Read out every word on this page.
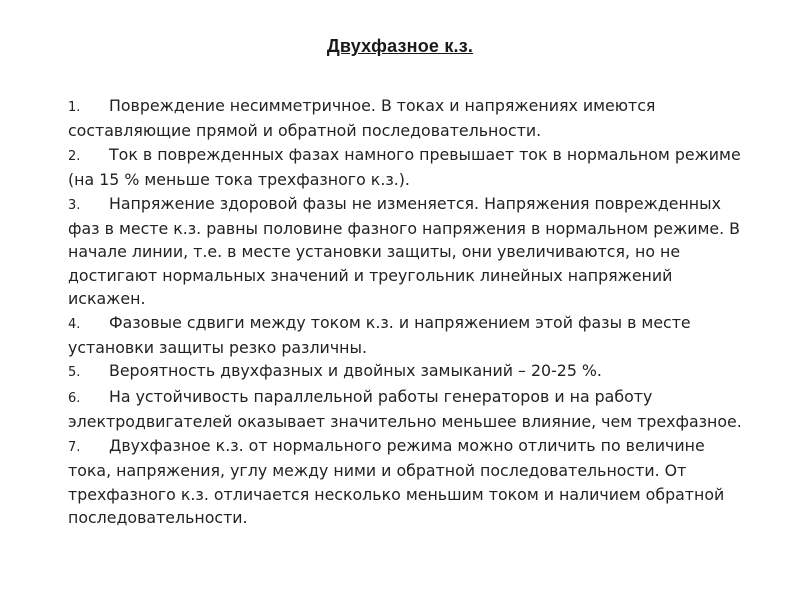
Двухфазное к.з.

1. Повреждение несимметричное. В токах и напряжениях имеются составляющие прямой и обратной последовательности.

2. Ток в поврежденных фазах намного превышает ток в нормальном режиме (на 15 % меньше тока трехфазного к.з.).

3. Напряжение здоровой фазы не изменяется. Напряжения поврежденных фаз в месте к.з. равны половине фазного напряжения в нормальном режиме. В начале линии, т.е. в месте установки защиты, они увеличиваются, но не достигают нормальных значений и треугольник линейных напряжений искажен.

4. Фазовые сдвиги между током к.з. и напряжением этой фазы в месте установки защиты резко различны.

5. Вероятность двухфазных и двойных замыканий – 20-25 %.

6. На устойчивость параллельной работы генераторов и на работу электродвигателей оказывает значительно меньшее влияние, чем трехфазное.

7. Двухфазное к.з. от нормального режима можно отличить по величине тока, напряжения, углу между ними и обратной последовательности. От трехфазного к.з. отличается несколько меньшим током и наличием обратной последовательности.
